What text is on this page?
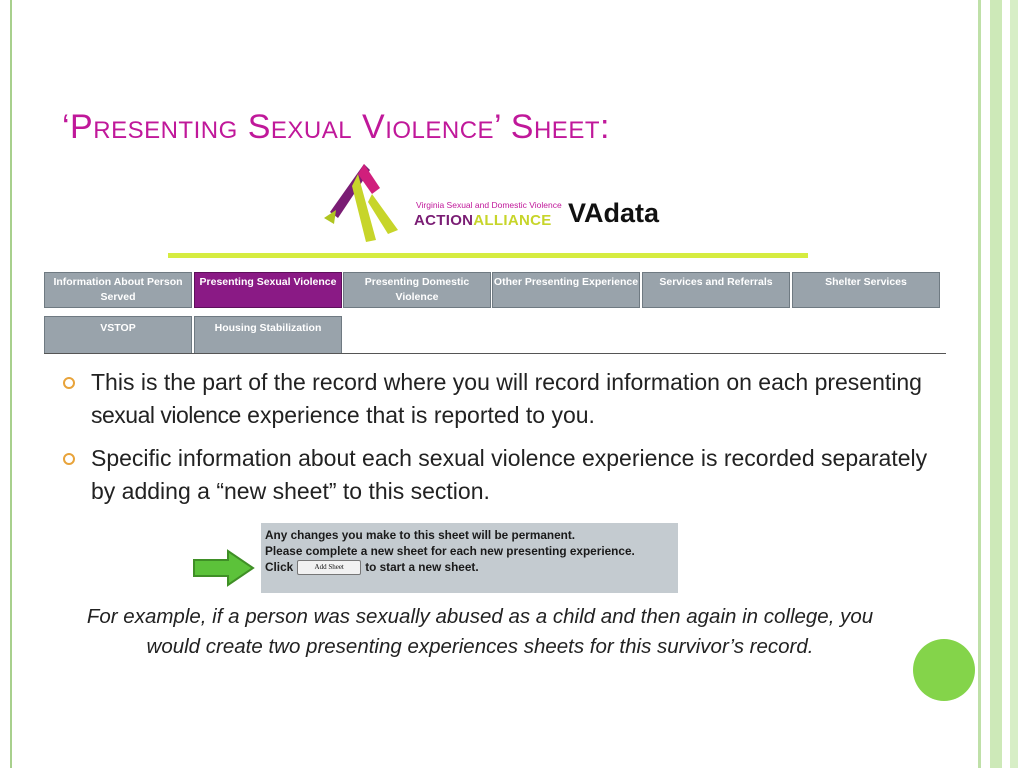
‘Presenting Sexual Violence’ Sheet:
Virginia Sexual and Domestic Violence
ACTIONALLIANCE VAdata
Information About Person Served
Presenting Sexual Violence	Presenting Domestic Violence
Other Presenting Experience	Services and Referrals	Shelter Services
VSTOP	Housing Stabilization
This is the part of the record where you will record information on each presenting sexual violence experience that is reported to you.
Specific information about each sexual violence experience is recorded separately by adding a “new sheet” to this section.
Any changes you make to this sheet will be permanent.
Please complete a new sheet for each new presenting experience.
Click	Add Sheet to start a new sheet.
For example, if a person was sexually abused as a child and then again in college, you would create two presenting experiences sheets for this survivor’s record.
